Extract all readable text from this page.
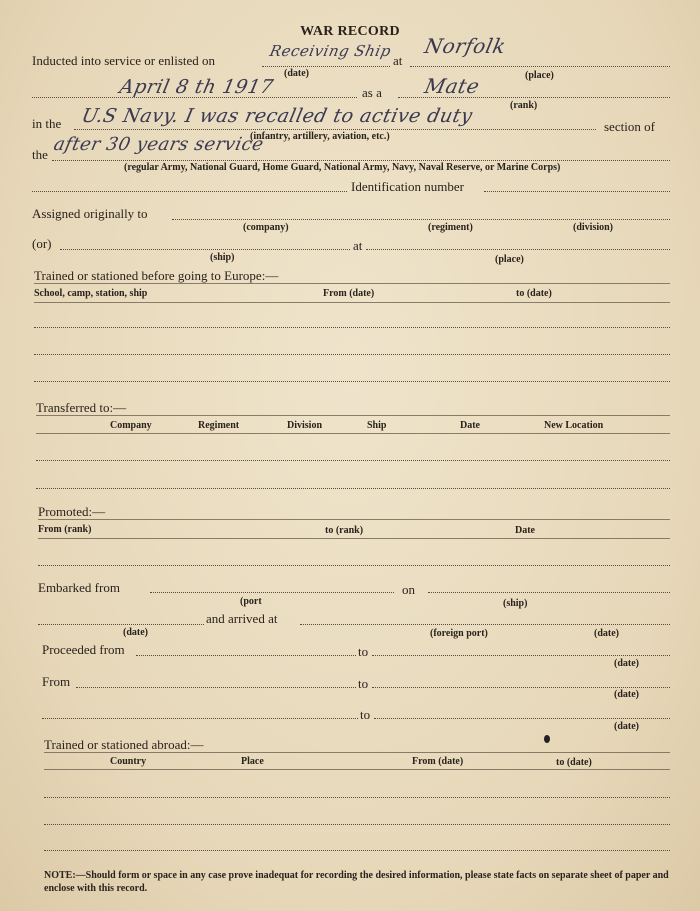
WAR RECORD
Inducted into service or enlisted on
Receiving Ship
at
Norfolk
(date)	(place)
April 8 th 1917	as a Mate
(rank)
in the U.S Navy. I was recalled to active duty	section of
(infantry, artillery, aviation, etc.)
the after 30 years service
(regular Army, National Guard, Home Guard, National Army, Navy, Naval Reserve, or Marine Corps)
Identification number
Assigned originally to
(company)	(regiment)	(division)
(or)	at
(ship)	(place)
Trained or stationed before going to Europe:—
School, camp, station, ship	From (date)	to (date)
Transferred to:—
Company	Regiment	Division	Ship	Date	New Location
Promoted:—
From (rank)	to (rank)	Date
Embarked from	on
(port	(ship)
and arrived at
(date)	(foreign port)	(date)
Proceeded from	to
(date)
From	to
(date)
to
(date)
Trained or stationed abroad:—
Country	Place	From (date)	to (date)
NOTE:—Should form or space in any case prove inadequat for recording the desired information, please state facts on separate sheet of paper and enclose with this record.
